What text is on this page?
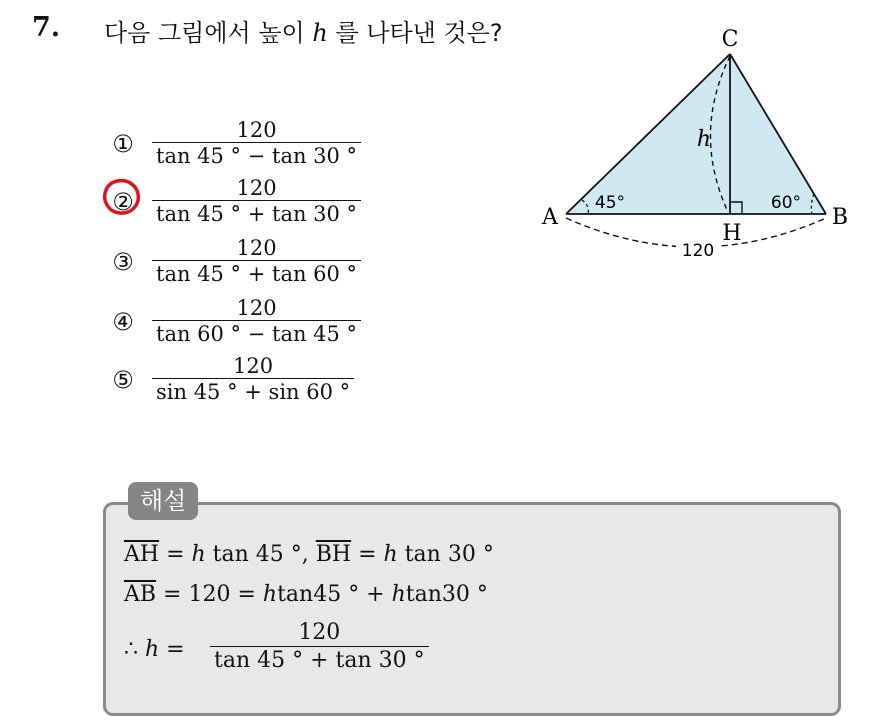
7. 다음 그림에서 높이 h 를 나타낸 것은?
① $\frac{120}{\tan 45 ^\circ - \tan 30 ^\circ}$
② $\frac{120}{\tan 45 ^\circ + \tan 30 ^\circ}$
③ $\frac{120}{\tan 45 ^\circ + \tan 60 ^\circ}$
④ $\frac{120}{\tan 60 ^\circ - \tan 45 ^\circ}$
⑤ $\frac{120}{\sin 45 ^\circ + \sin 60 ^\circ}$
C
A	B
H
h
45°	60°
120
해설
$\overline{AH} = h$ tan 45 °, $\overline{BH} = h$ tan 30 °
$\overline{AB} = 120 = htan45$ ° + htan30 °
∴ $h = \frac{120}{\tan 45 ^\circ + \tan 30 ^\circ}$
